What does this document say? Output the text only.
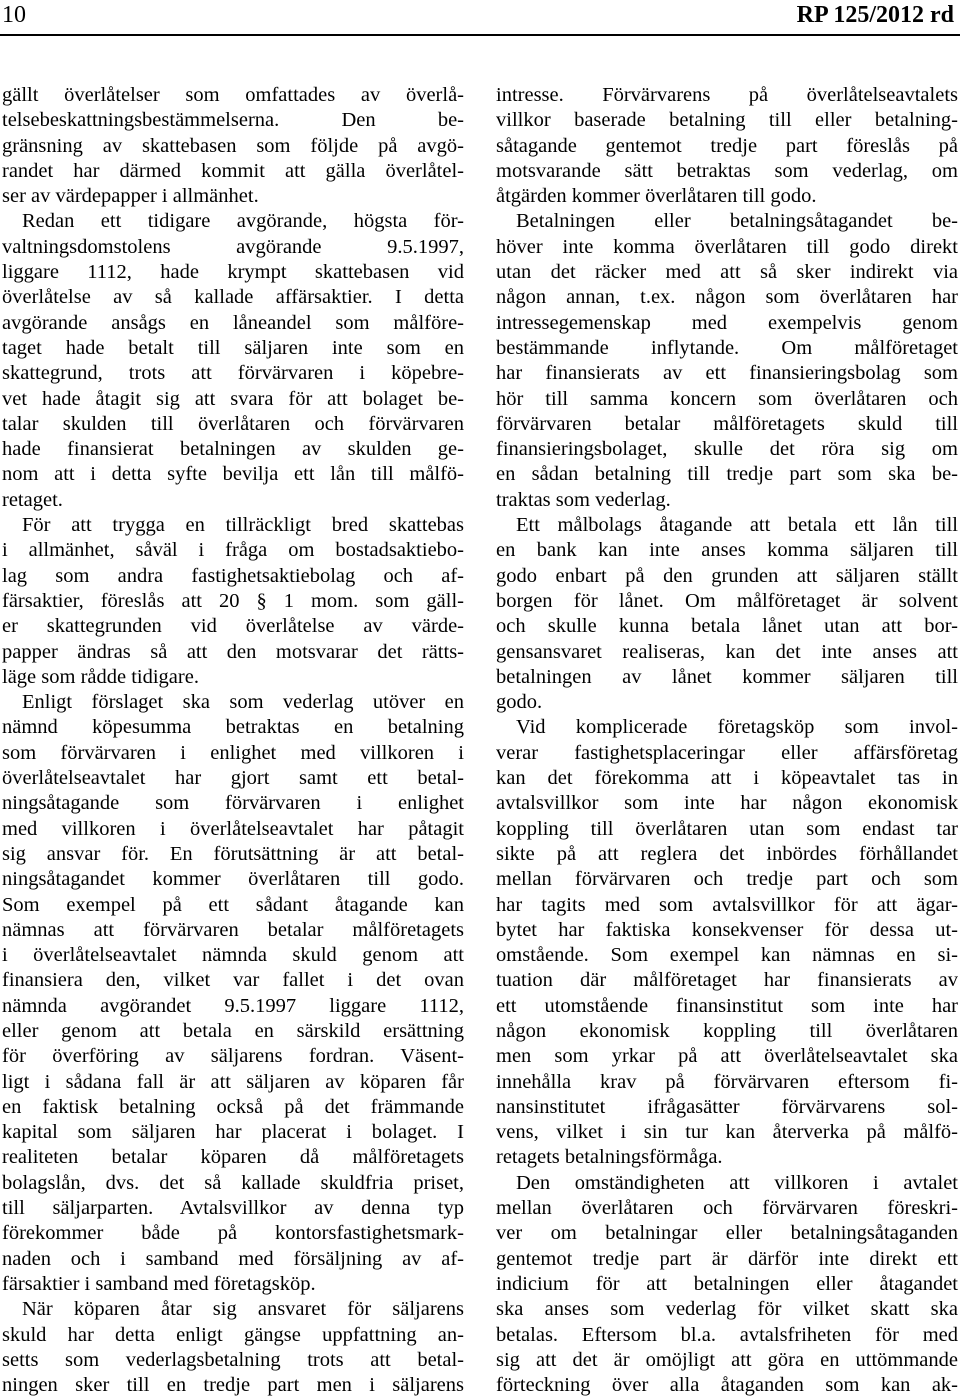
10	RP 125/2012 rd
gällt överlåtelser som omfattades av överlå-
telsebeskattningsbestämmelserna. Den be-
gränsning av skattebasen som följde på avgö-
randet har därmed kommit att gälla överlåtel-
ser av värdepapper i allmänhet.
Redan ett tidigare avgörande, högsta för-
valtningsdomstolens avgörande 9.5.1997,
liggare 1112, hade krympt skattebasen vid
överlåtelse av så kallade affärsaktier. I detta
avgörande ansågs en låneandel som målföre-
taget hade betalt till säljaren inte som en
skattegrund, trots att förvärvaren i köpebre-
vet hade åtagit sig att svara för att bolaget be-
talar skulden till överlåtaren och förvärvaren
hade finansierat betalningen av skulden ge-
nom att i detta syfte bevilja ett lån till målfö-
retaget.
För att trygga en tillräckligt bred skattebas
i allmänhet, såväl i fråga om bostadsaktiebo-
lag som andra fastighetsaktiebolag och af-
färsaktier, föreslås att 20 § 1 mom. som gäll-
er skattegrunden vid överlåtelse av värde-
papper ändras så att den motsvarar det rätts-
läge som rådde tidigare.
Enligt förslaget ska som vederlag utöver en
nämnd köpesumma betraktas en betalning
som förvärvaren i enlighet med villkoren i
överlåtelseavtalet har gjort samt ett betal-
ningsåtagande som förvärvaren i enlighet
med villkoren i överlåtelseavtalet har påtagit
sig ansvar för. En förutsättning är att betal-
ningsåtagandet kommer överlåtaren till godo.
Som exempel på ett sådant åtagande kan
nämnas att förvärvaren betalar målföretagets
i överlåtelseavtalet nämnda skuld genom att
finansiera den, vilket var fallet i det ovan
nämnda avgörandet 9.5.1997 liggare 1112,
eller genom att betala en särskild ersättning
för överföring av säljarens fordran. Väsent-
ligt i sådana fall är att säljaren av köparen får
en faktisk betalning också på det främmande
kapital som säljaren har placerat i bolaget. I
realiteten betalar köparen då målföretagets
bolagslån, dvs. det så kallade skuldfria priset,
till säljarparten. Avtalsvillkor av denna typ
förekommer både på kontorsfastighetsmark-
naden och i samband med försäljning av af-
färsaktier i samband med företagsköp.
När köparen åtar sig ansvaret för säljarens
skuld har detta enligt gängse uppfattning an-
setts som vederlagsbetalning trots att betal-
ningen sker till en tredje part men i säljarens
intresse. Förvärvarens på överlåtelseavtalets
villkor baserade betalning till eller betalning-
såtagande gentemot tredje part föreslås på
motsvarande sätt betraktas som vederlag, om
åtgärden kommer överlåtaren till godo.
Betalningen eller betalningsåtagandet be-
höver inte komma överlåtaren till godo direkt
utan det räcker med att så sker indirekt via
någon annan, t.ex. någon som överlåtaren har
intressegemenskap med exempelvis genom
bestämmande inflytande. Om målföretaget
har finansierats av ett finansieringsbolag som
hör till samma koncern som överlåtaren och
förvärvaren betalar målföretagets skuld till
finansieringsbolaget, skulle det röra sig om
en sådan betalning till tredje part som ska be-
traktas som vederlag.
Ett målbolags åtagande att betala ett lån till
en bank kan inte anses komma säljaren till
godo enbart på den grunden att säljaren ställt
borgen för lånet. Om målföretaget är solvent
och skulle kunna betala lånet utan att bor-
gensansvaret realiseras, kan det inte anses att
betalningen av lånet kommer säljaren till
godo.
Vid komplicerade företagsköp som invol-
verar fastighetsplaceringar eller affärsföretag
kan det förekomma att i köpeavtalet tas in
avtalsvillkor som inte har någon ekonomisk
koppling till överlåtaren utan som endast tar
sikte på att reglera det inbördes förhållandet
mellan förvärvaren och tredje part och som
har tagits med som avtalsvillkor för att ägar-
bytet har faktiska konsekvenser för dessa ut-
omstående. Som exempel kan nämnas en si-
tuation där målföretaget har finansierats av
ett utomstående finansinstitut som inte har
någon ekonomisk koppling till överlåtaren
men som yrkar på att överlåtelseavtalet ska
innehålla krav på förvärvaren eftersom fi-
nansinstitutet ifrågasätter förvärvarens sol-
vens, vilket i sin tur kan återverka på målfö-
retagets betalningsförmåga.
Den omständigheten att villkoren i avtalet
mellan överlåtaren och förvärvaren föreskri-
ver om betalningar eller betalningsåtaganden
gentemot tredje part är därför inte direkt ett
indicium för att betalningen eller åtagandet
ska anses som vederlag för vilket skatt ska
betalas. Eftersom bl.a. avtalsfriheten för med
sig att det är omöjligt att göra en uttömmande
förteckning över alla åtaganden som kan ak-
